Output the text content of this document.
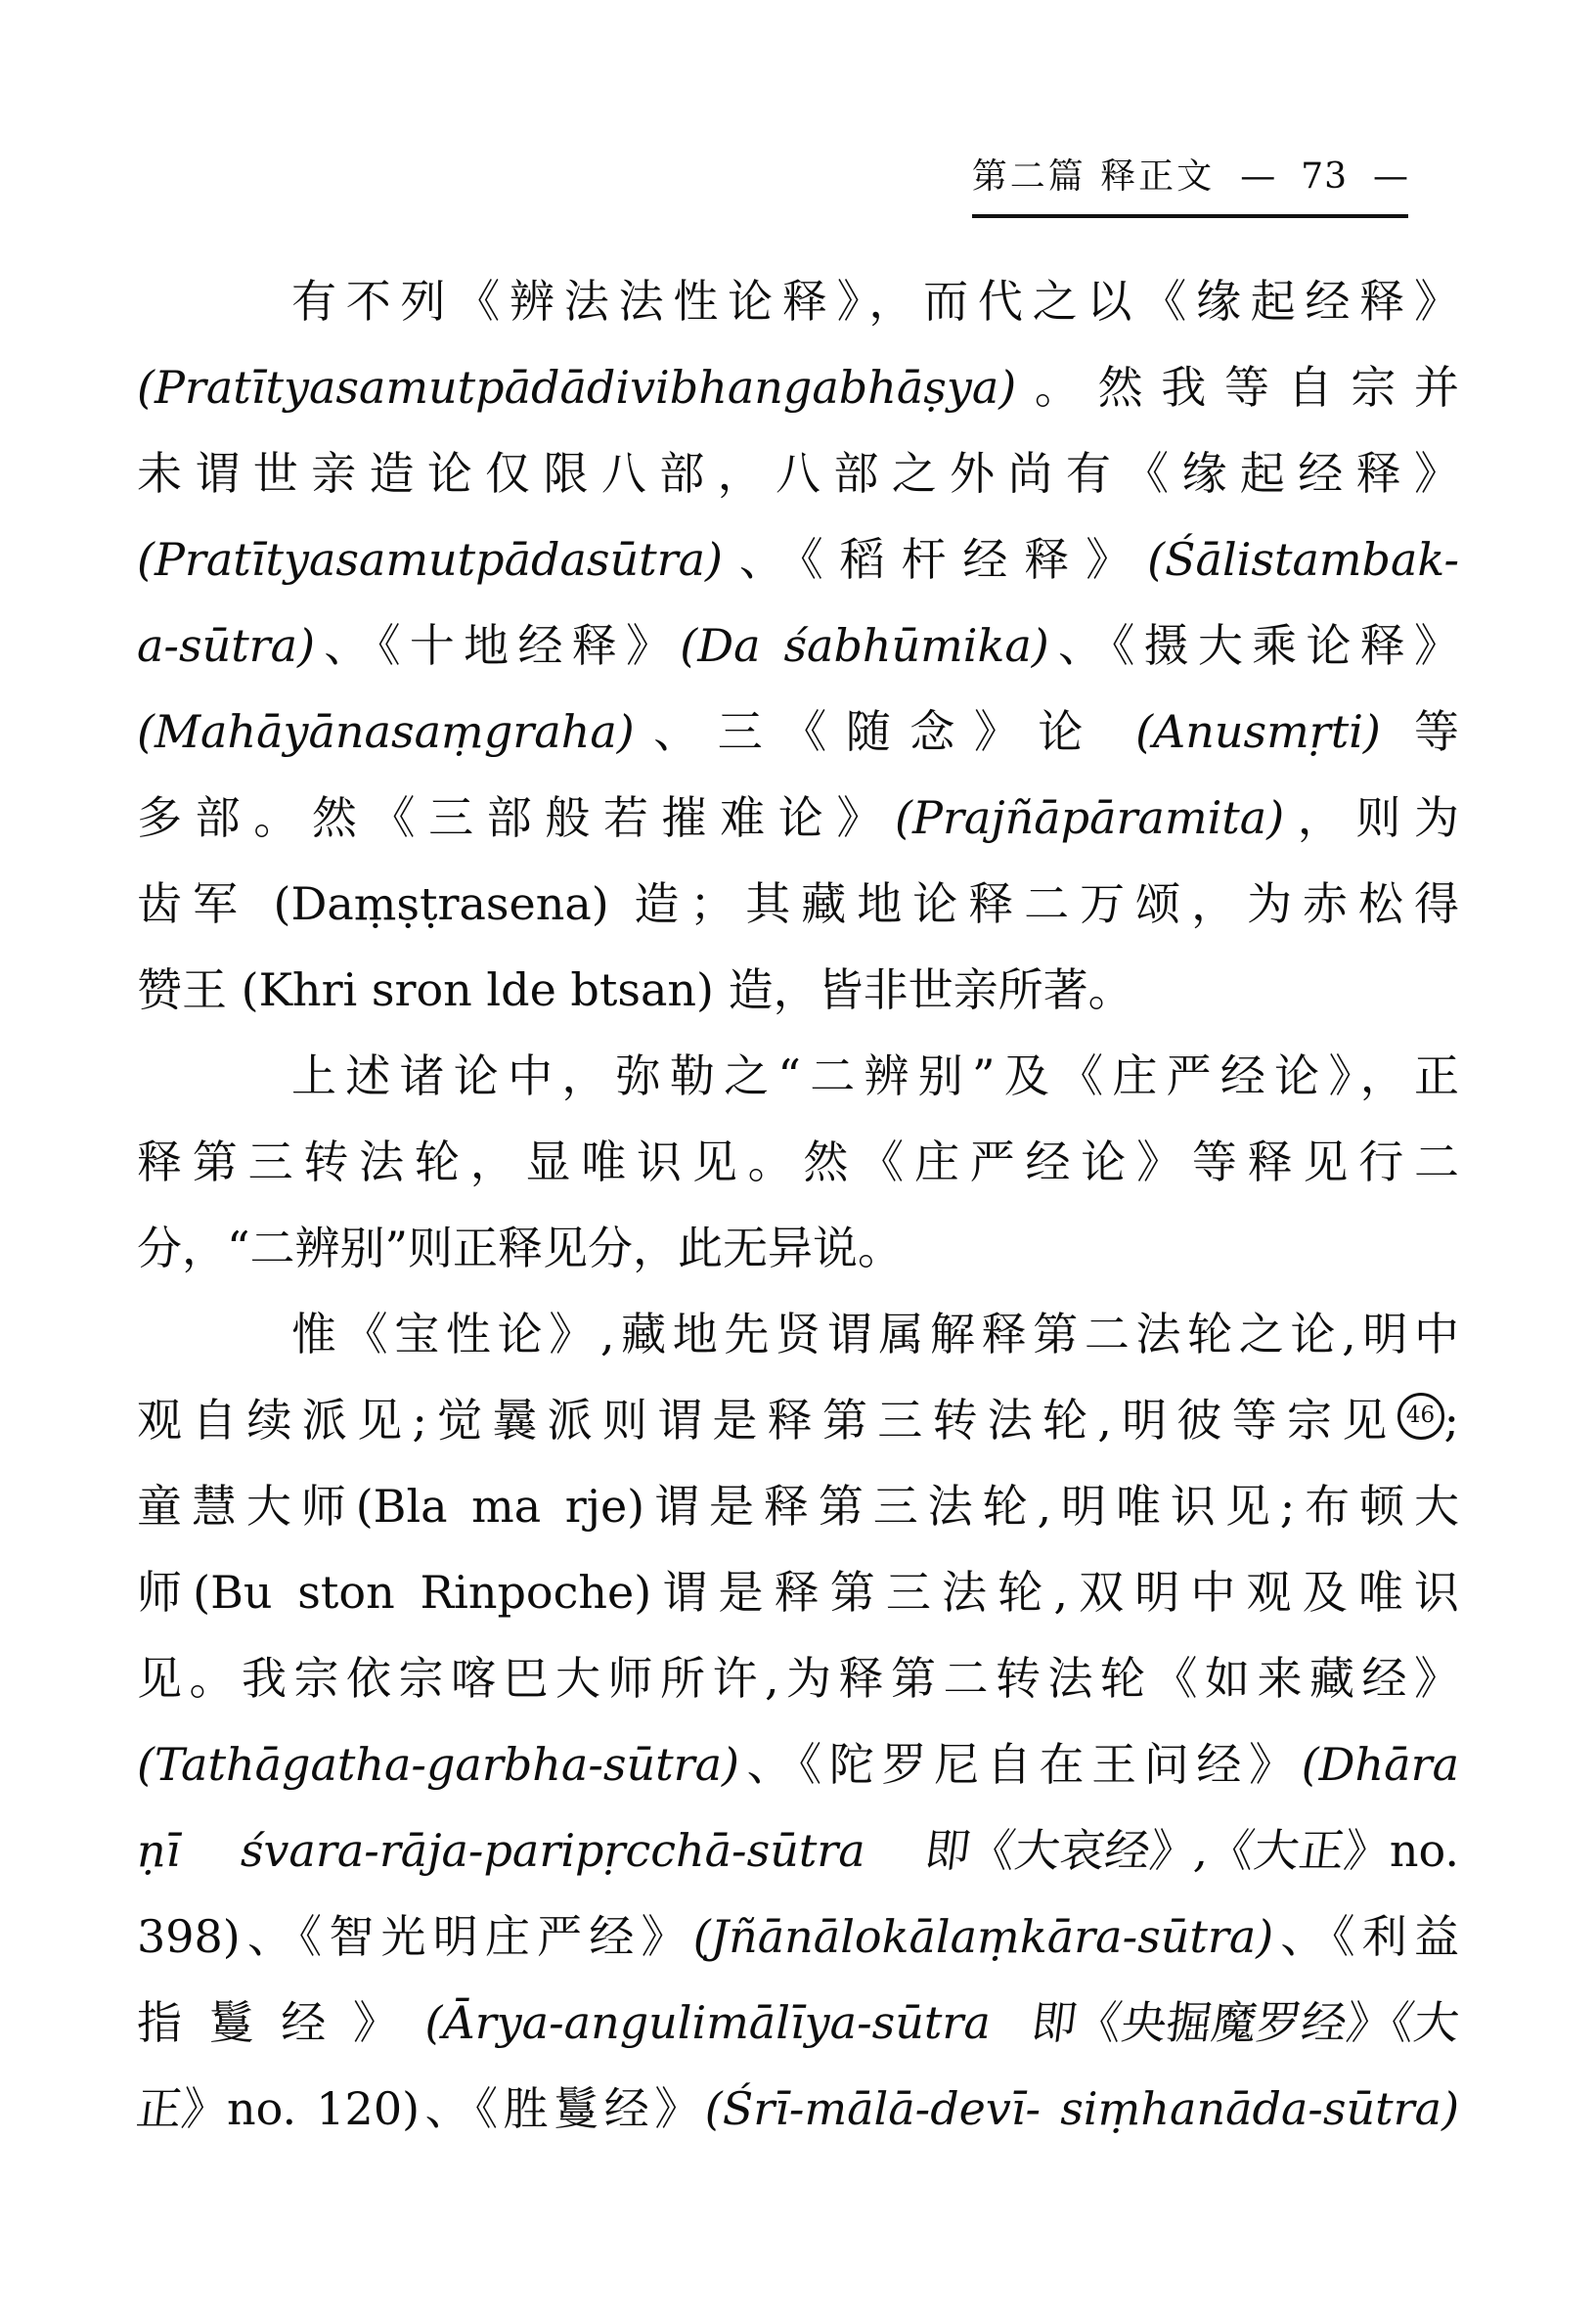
第二篇 释正文 — 73 —
有不列《辨法法性论释》，而代之以《缘起经释》
(Pratītyasamutpādādivibhangabhāṣya)。然我等自宗并
未谓世亲造论仅限八部，八部之外尚有《缘起经释》
(Pratītyasamutpādasūtra)、《稻杆经释》(Śālistambak-
a-sūtra)、《十地经释》(Da śabhūmika)、《摄大乘论释》
(Mahāyānasaṃgraha)、三《随念》论 (Anusmṛti) 等
多部。然《三部般若摧难论》(Prajñāpāramita)，则为
齿军 (Daṃṣṭrasena) 造；其藏地论释二万颂，为赤松得
赞王 (Khri sron lde btsan) 造，皆非世亲所著。
上述诸论中，弥勒之“二辨别”及《庄严经论》，正
释第三转法轮，显唯识见。然《庄严经论》等释见行二
分，“二辨别”则正释见分，此无异说。
惟《宝性论》,藏地先贤谓属解释第二法轮之论,明中
观自续派见;觉曩派则谓是释第三转法轮,明彼等宗见 46 ;
童慧大师(Bla ma rje)谓是释第三法轮,明唯识见;布顿大
师(Bu ston Rinpoche)谓是释第三法轮,双明中观及唯识
见。我宗依宗喀巴大师所许,为释第二转法轮《如来藏经》
(Tathāgatha-garbha-sūtra)、《陀罗尼自在王问经》(Dhāra
ṇī śvara-rāja-paripṛcchā-sūtra 即《大哀经》,《大正》no.
398)、《智光明庄严经》(Jñānālokālaṃkāra-sūtra)、《利益
指鬘经》(Ārya-angulimālīya-sūtra 即《央掘魔罗经》《大
正》no. 120)、《胜鬘经》(Śrī-mālā-devī- siṃhanāda-sūtra)
